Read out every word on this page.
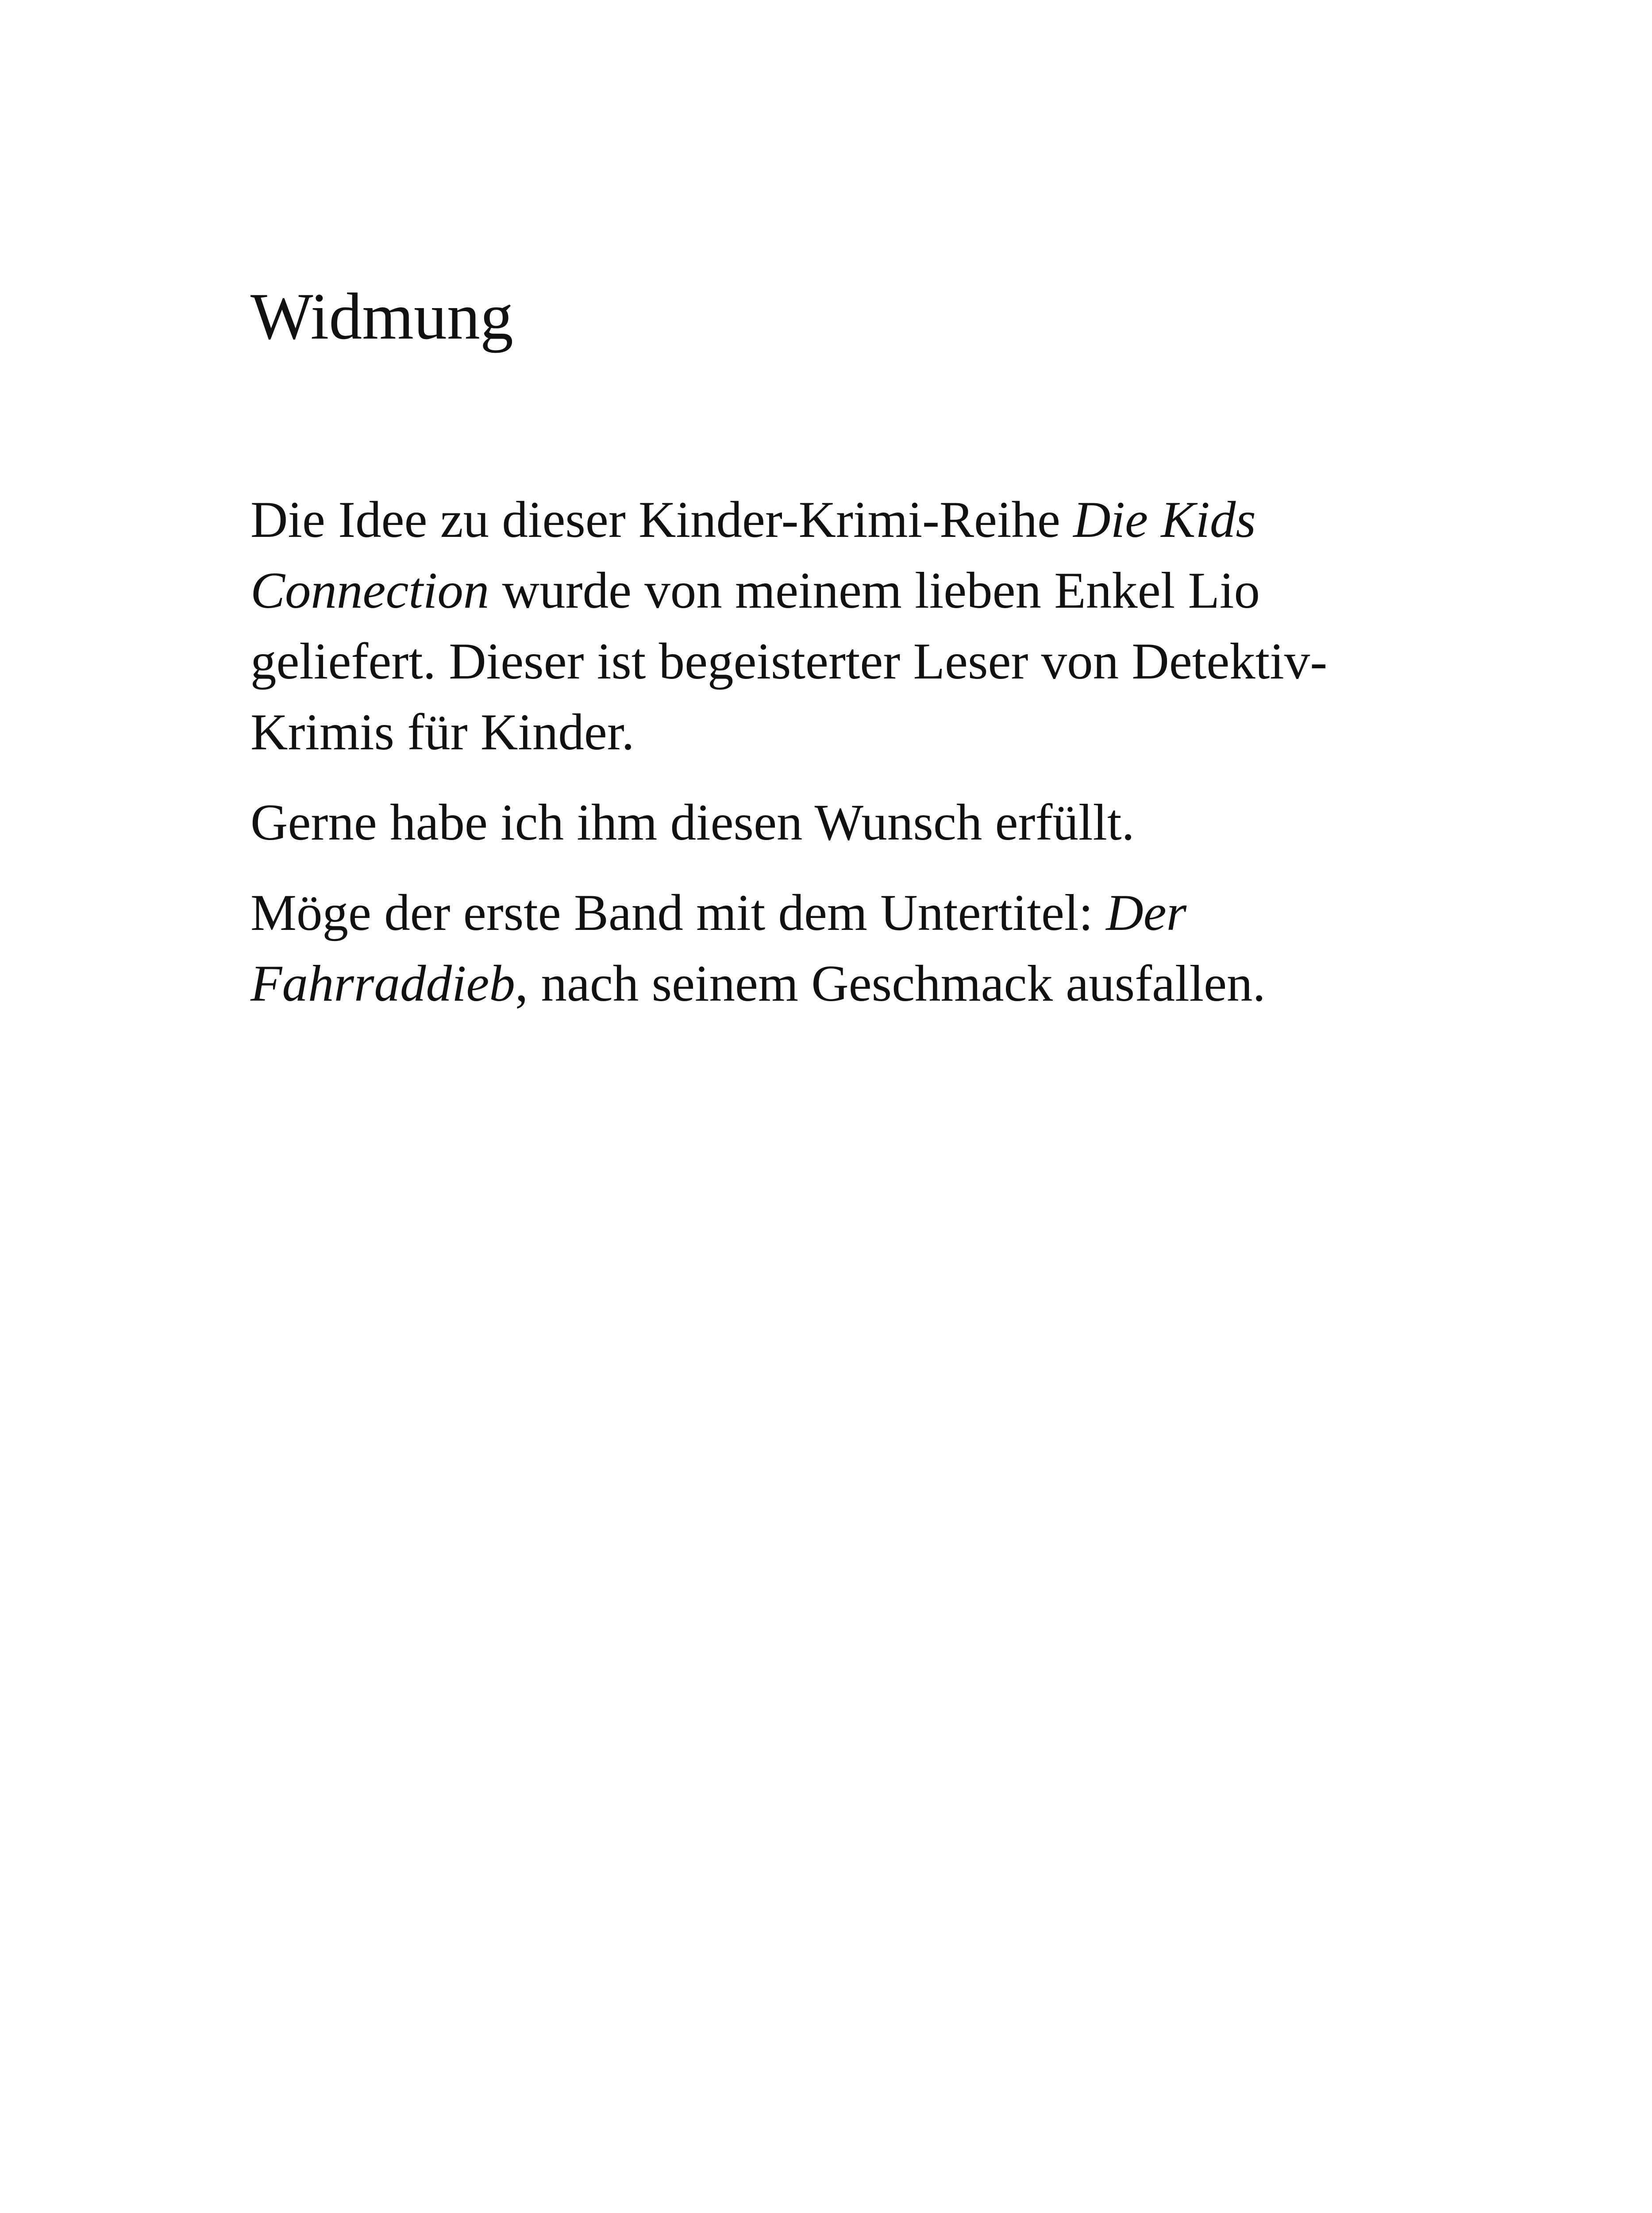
Widmung

Die Idee zu dieser Kinder-Krimi-Reihe Die Kids Connection wurde von meinem lieben Enkel Lio geliefert. Dieser ist begeisterter Leser von Detektiv-Krimis für Kinder.

Gerne habe ich ihm diesen Wunsch erfüllt.

Möge der erste Band mit dem Untertitel: Der Fahrraddieb, nach seinem Geschmack ausfallen.
